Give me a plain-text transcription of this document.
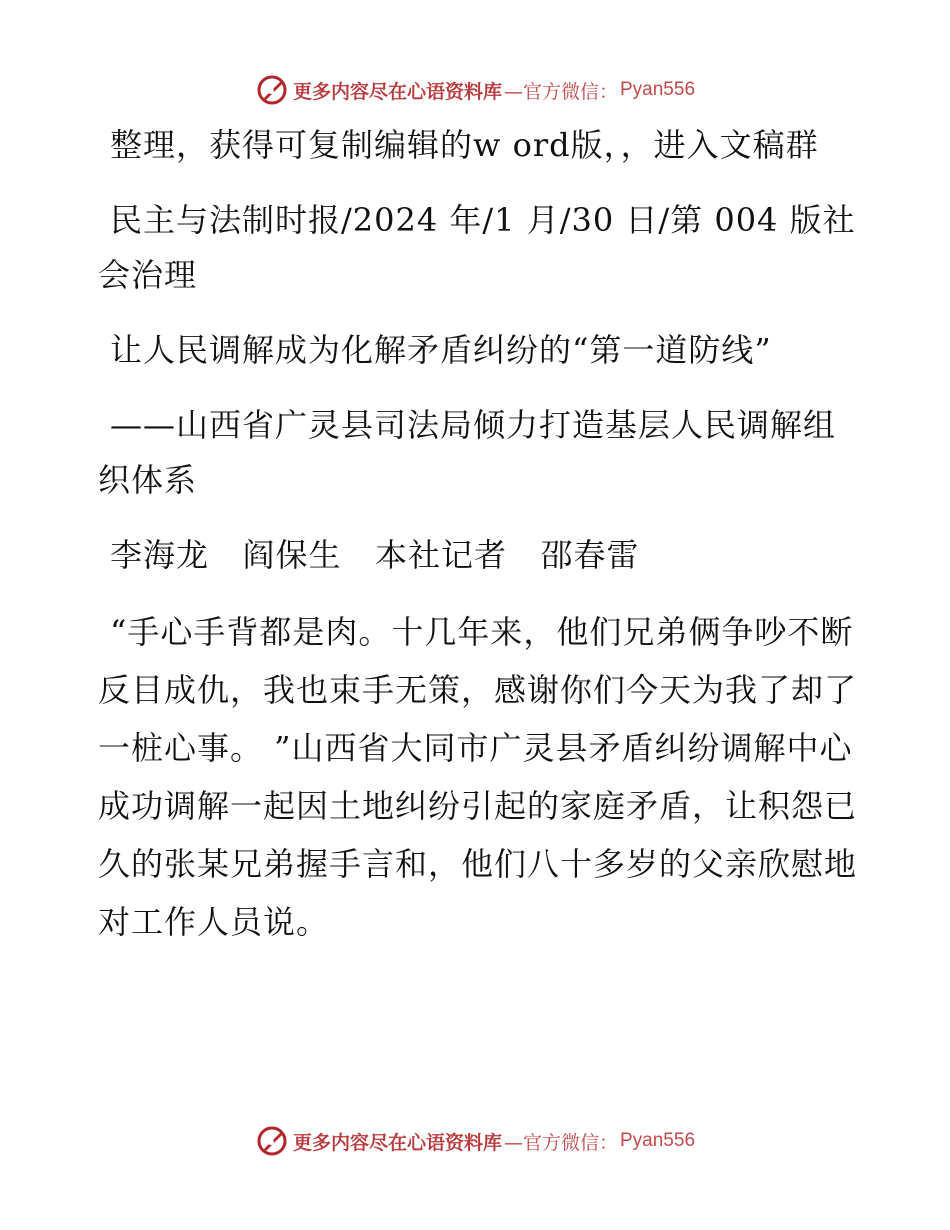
更多内容尽在心语资料库 —官方微信： Pyan556

整理，获得可复制编辑的w ord版，，进入文稿群

民主与法制时报/2024 年/1 月/30 日/第 004 版社会治理

让人民调解成为化解矛盾纠纷的“第一道防线”

——山西省广灵县司法局倾力打造基层人民调解组织体系

李海龙   阎保生   本社记者   邵春雷

“手心手背都是肉。十几年来，他们兄弟俩争吵不断反目成仇，我也束手无策，感谢你们今天为我了却了一桩心事。 ”山西省大同市广灵县矛盾纠纷调解中心成功调解一起因土地纠纷引起的家庭矛盾，让积怨已久的张某兄弟握手言和，他们八十多岁的父亲欣慰地对工作人员说。

更多内容尽在心语资料库 —官方微信： Pyan556
